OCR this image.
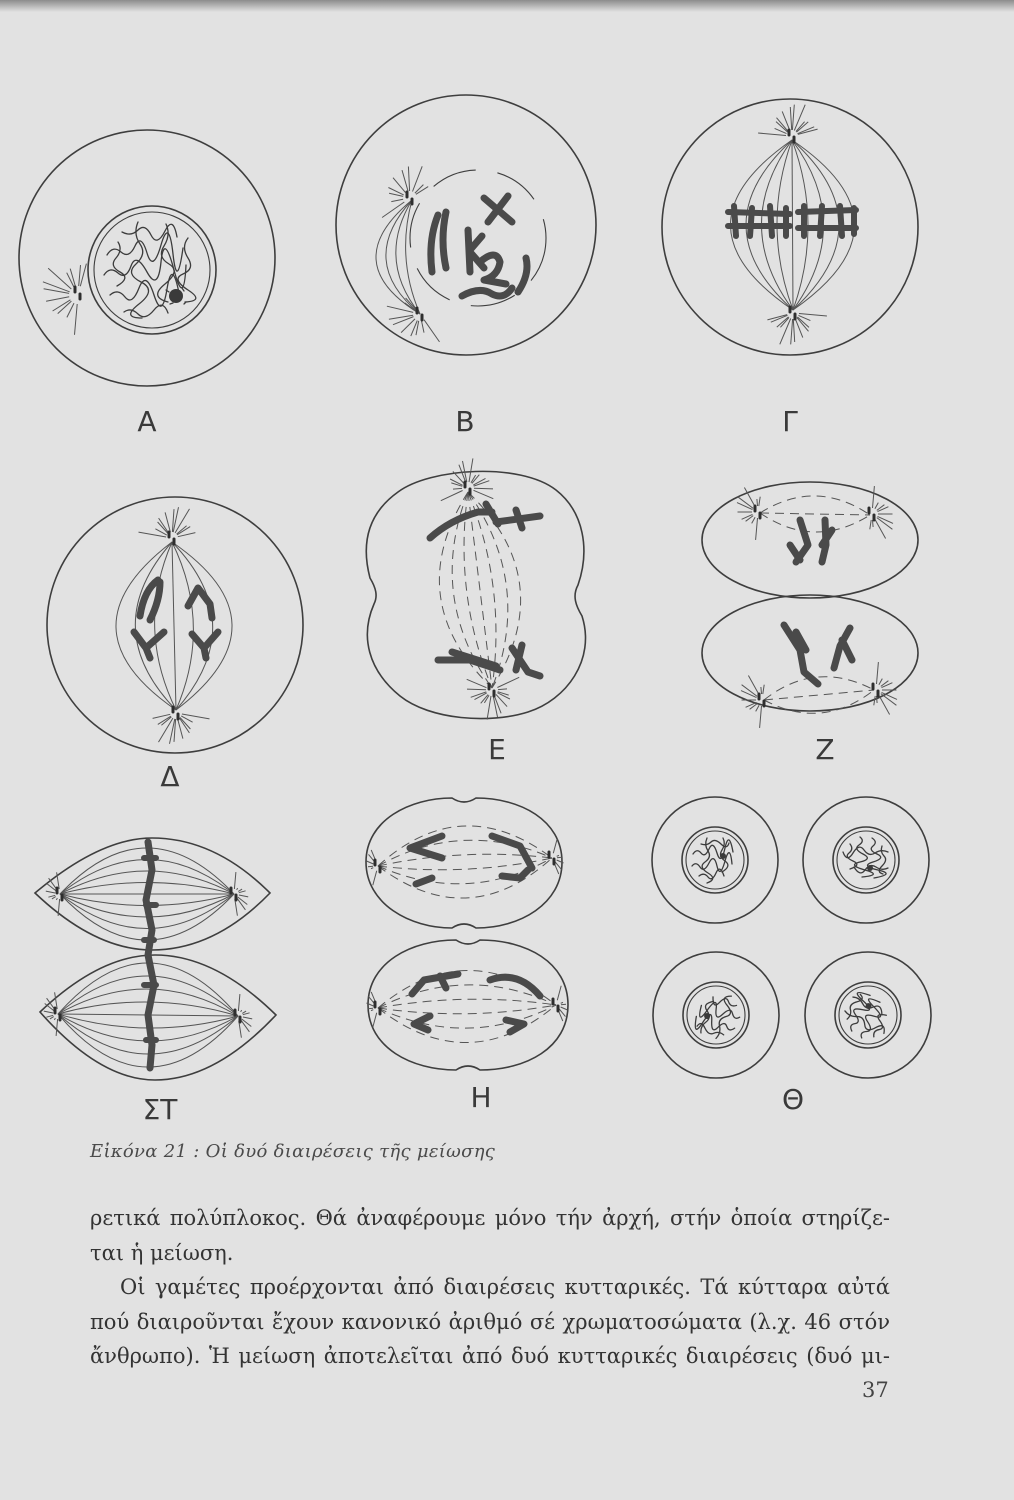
Α	Β	Γ
Δ
Ε	Ζ
ΣΤ	Η	Θ
Εἰκόνα 21 : Οἱ δυό διαιρέσεις τῆς μείωσης
ρετικά πολύπλοκος. Θά ἀναφέρουμε μόνο τήν ἀρχή, στήν ὁποία στηρίζε-
ται ἡ μείωση.
Οἱ γαμέτες προέρχονται ἀπό διαιρέσεις κυτταρικές. Τά κύτταρα αὐτά
πού διαιροῦνται ἔχουν κανονικό ἀριθμό σέ χρωματοσώματα (λ.χ. 46 στόν
ἄνθρωπο). Ἡ μείωση ἀποτελεῖται ἀπό δυό κυτταρικές διαιρέσεις (δυό μι-
37
